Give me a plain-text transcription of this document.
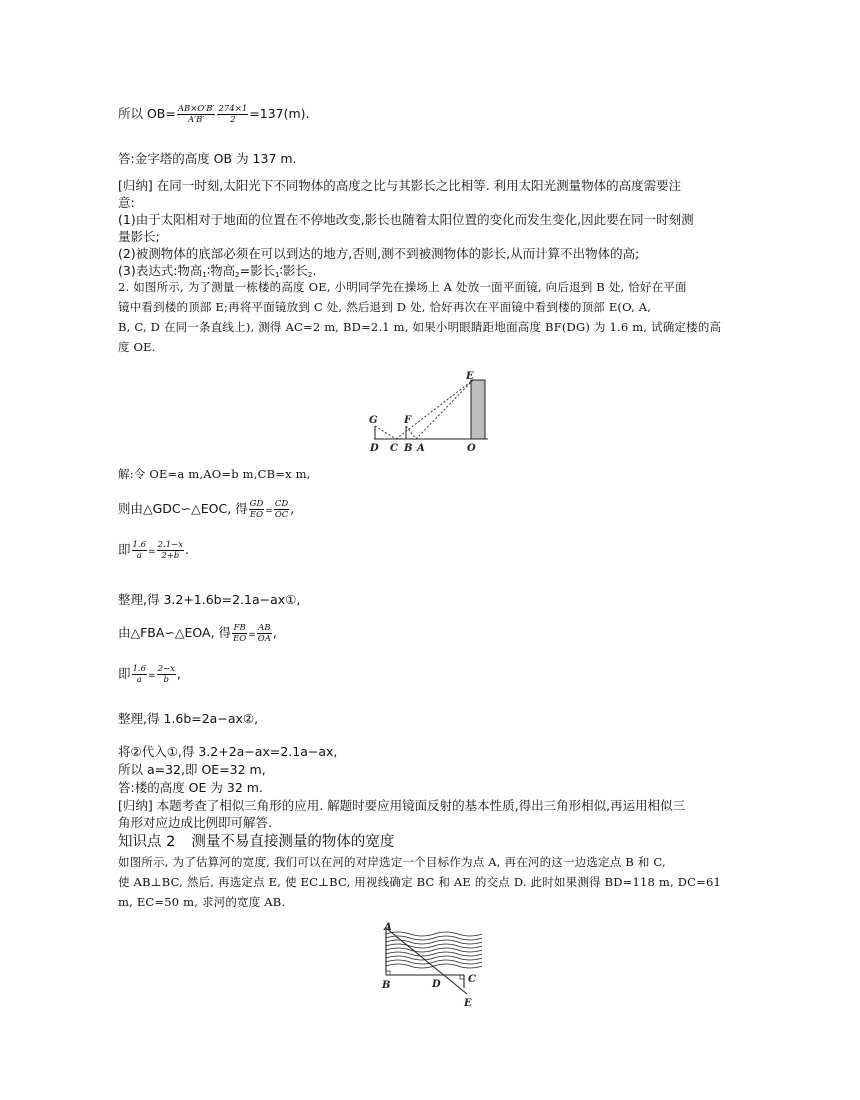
所以 $OB= \frac{AB\times O'B'}{A'B'} \frac{274\times 1}{2} =137(m)$.
答:金字塔的高度 OB 为 137 m.
[归纳] 在同一时刻,太阳光下不同物体的高度之比与其影长之比相等. 利用太阳光测量物体的高度需要注
意:
(1)由于太阳相对于地面的位置在不停地改变,影长也随着太阳位置的变化而发生变化,因此要在同一时刻测
量影长;
(2)被测物体的底部必须在可以到达的地方,否则,测不到被测物体的影长,从而计算不出物体的高;
(3)表达式:物高$_1$∶物高$_2$=影长$_1$∶影长$_2$.
2. 如图所示, 为了测量一栋楼的高度 OE, 小明同学先在操场上 A 处放一面平面镜, 向后退到 B 处, 恰好在平面
镜中看到楼的顶部 E;再将平面镜放到 C 处, 然后退到 D 处, 恰好再次在平面镜中看到楼的顶部 E(O, A,
B, C, D 在同一条直线上), 测得 AC=2 m, BD=2.1 m, 如果小明眼睛距地面高度 BF(DG) 为 1.6 m, 试确定楼的高
度 OE.
G	F
E
D C B A	O
解:令 OE=a m,AO=b m,CB=x m,
则由△GDC∽△EOC, 得 $\frac{GD}{EO} = \frac{CD}{OC}$ ,
即 $\frac{1.6}{a} = \frac{2.1-x}{2+b}$ .
整理,得 3.2+1.6b=2.1a−ax①,
由△FBA∽△EOA, 得 $\frac{FB}{EO} = \frac{AB}{OA}$ ,
即 $\frac{1.6}{a} = \frac{2-x}{b}$ ,
整理,得 1.6b=2a−ax②,
将②代入①,得 3.2+2a−ax=2.1a−ax,
所以 a=32,即 OE=32 m,
答:楼的高度 OE 为 32 m.
[归纳] 本题考查了相似三角形的应用. 解题时要应用镜面反射的基本性质,得出三角形相似,再运用相似三
角形对应边成比例即可解答.
知识点 2 测量不易直接测量的物体的宽度
如图所示, 为了估算河的宽度, 我们可以在河的对岸选定一个目标作为点 A, 再在河的这一边选定点 B 和 C,
使 AB⊥BC, 然后, 再选定点 E, 使 EC⊥BC, 用视线确定 BC 和 AE 的交点 D. 此时如果测得 BD=118 m, DC=61
m, EC=50 m, 求河的宽度 AB.
A
B	D	C
E
